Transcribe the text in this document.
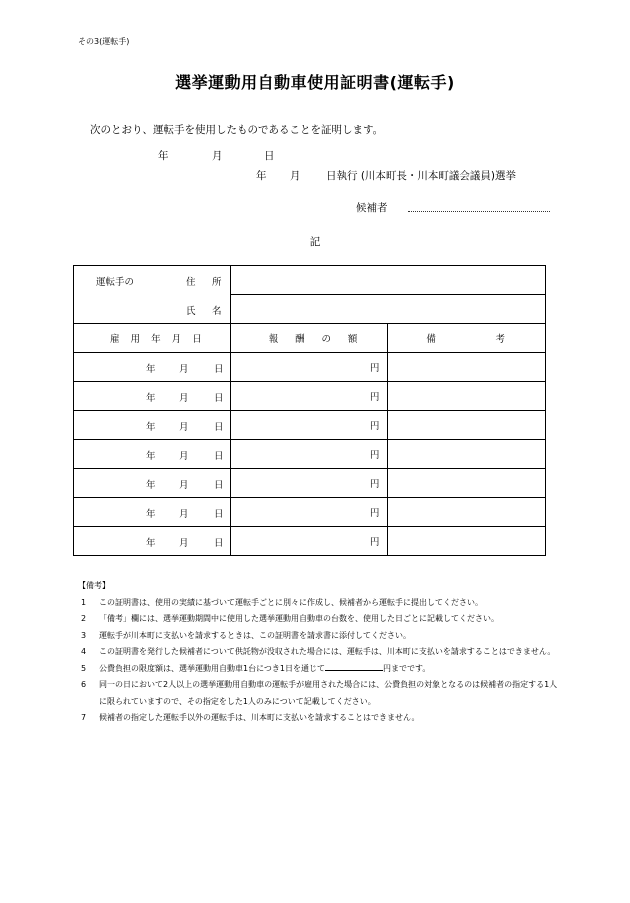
その3(運転手)
選挙運動用自動車使用証明書(運転手)
次のとおり、運転手を使用したものであることを証明します。
年	月	日
年 月 日執行 (川本町長・川本町議会議員)選挙
候補者
記
運転手の 住 所		

氏 名		

雇 用 年 月 日	報 酬 の 額	備 考

年 月 日	円	

年 月 日	円	

年 月 日	円	

年 月 日	円	

年 月 日	円	

年 月 日	円	

年 月 日	円	
【備考】
1	この証明書は、使用の実績に基づいて運転手ごとに別々に作成し、候補者から運転手に提出してください。
2	「備考」欄には、選挙運動期間中に使用した選挙運動用自動車の台数を、使用した日ごとに記載してください。
3	運転手が川本町に支払いを請求するときは、この証明書を請求書に添付してください。
4	この証明書を発行した候補者について供託物が没収された場合には、運転手は、川本町に支払いを請求することはできません。
5	公費負担の限度額は、選挙運動用自動車1台につき1日を通じて	円までです。
6	同一の日において2人以上の選挙運動用自動車の運転手が雇用された場合には、公費負担の対象となるのは候補者の指定する1人に限られていますので、その指定をした1人のみについて記載してください。
7	候補者の指定した運転手以外の運転手は、川本町に支払いを請求することはできません。
